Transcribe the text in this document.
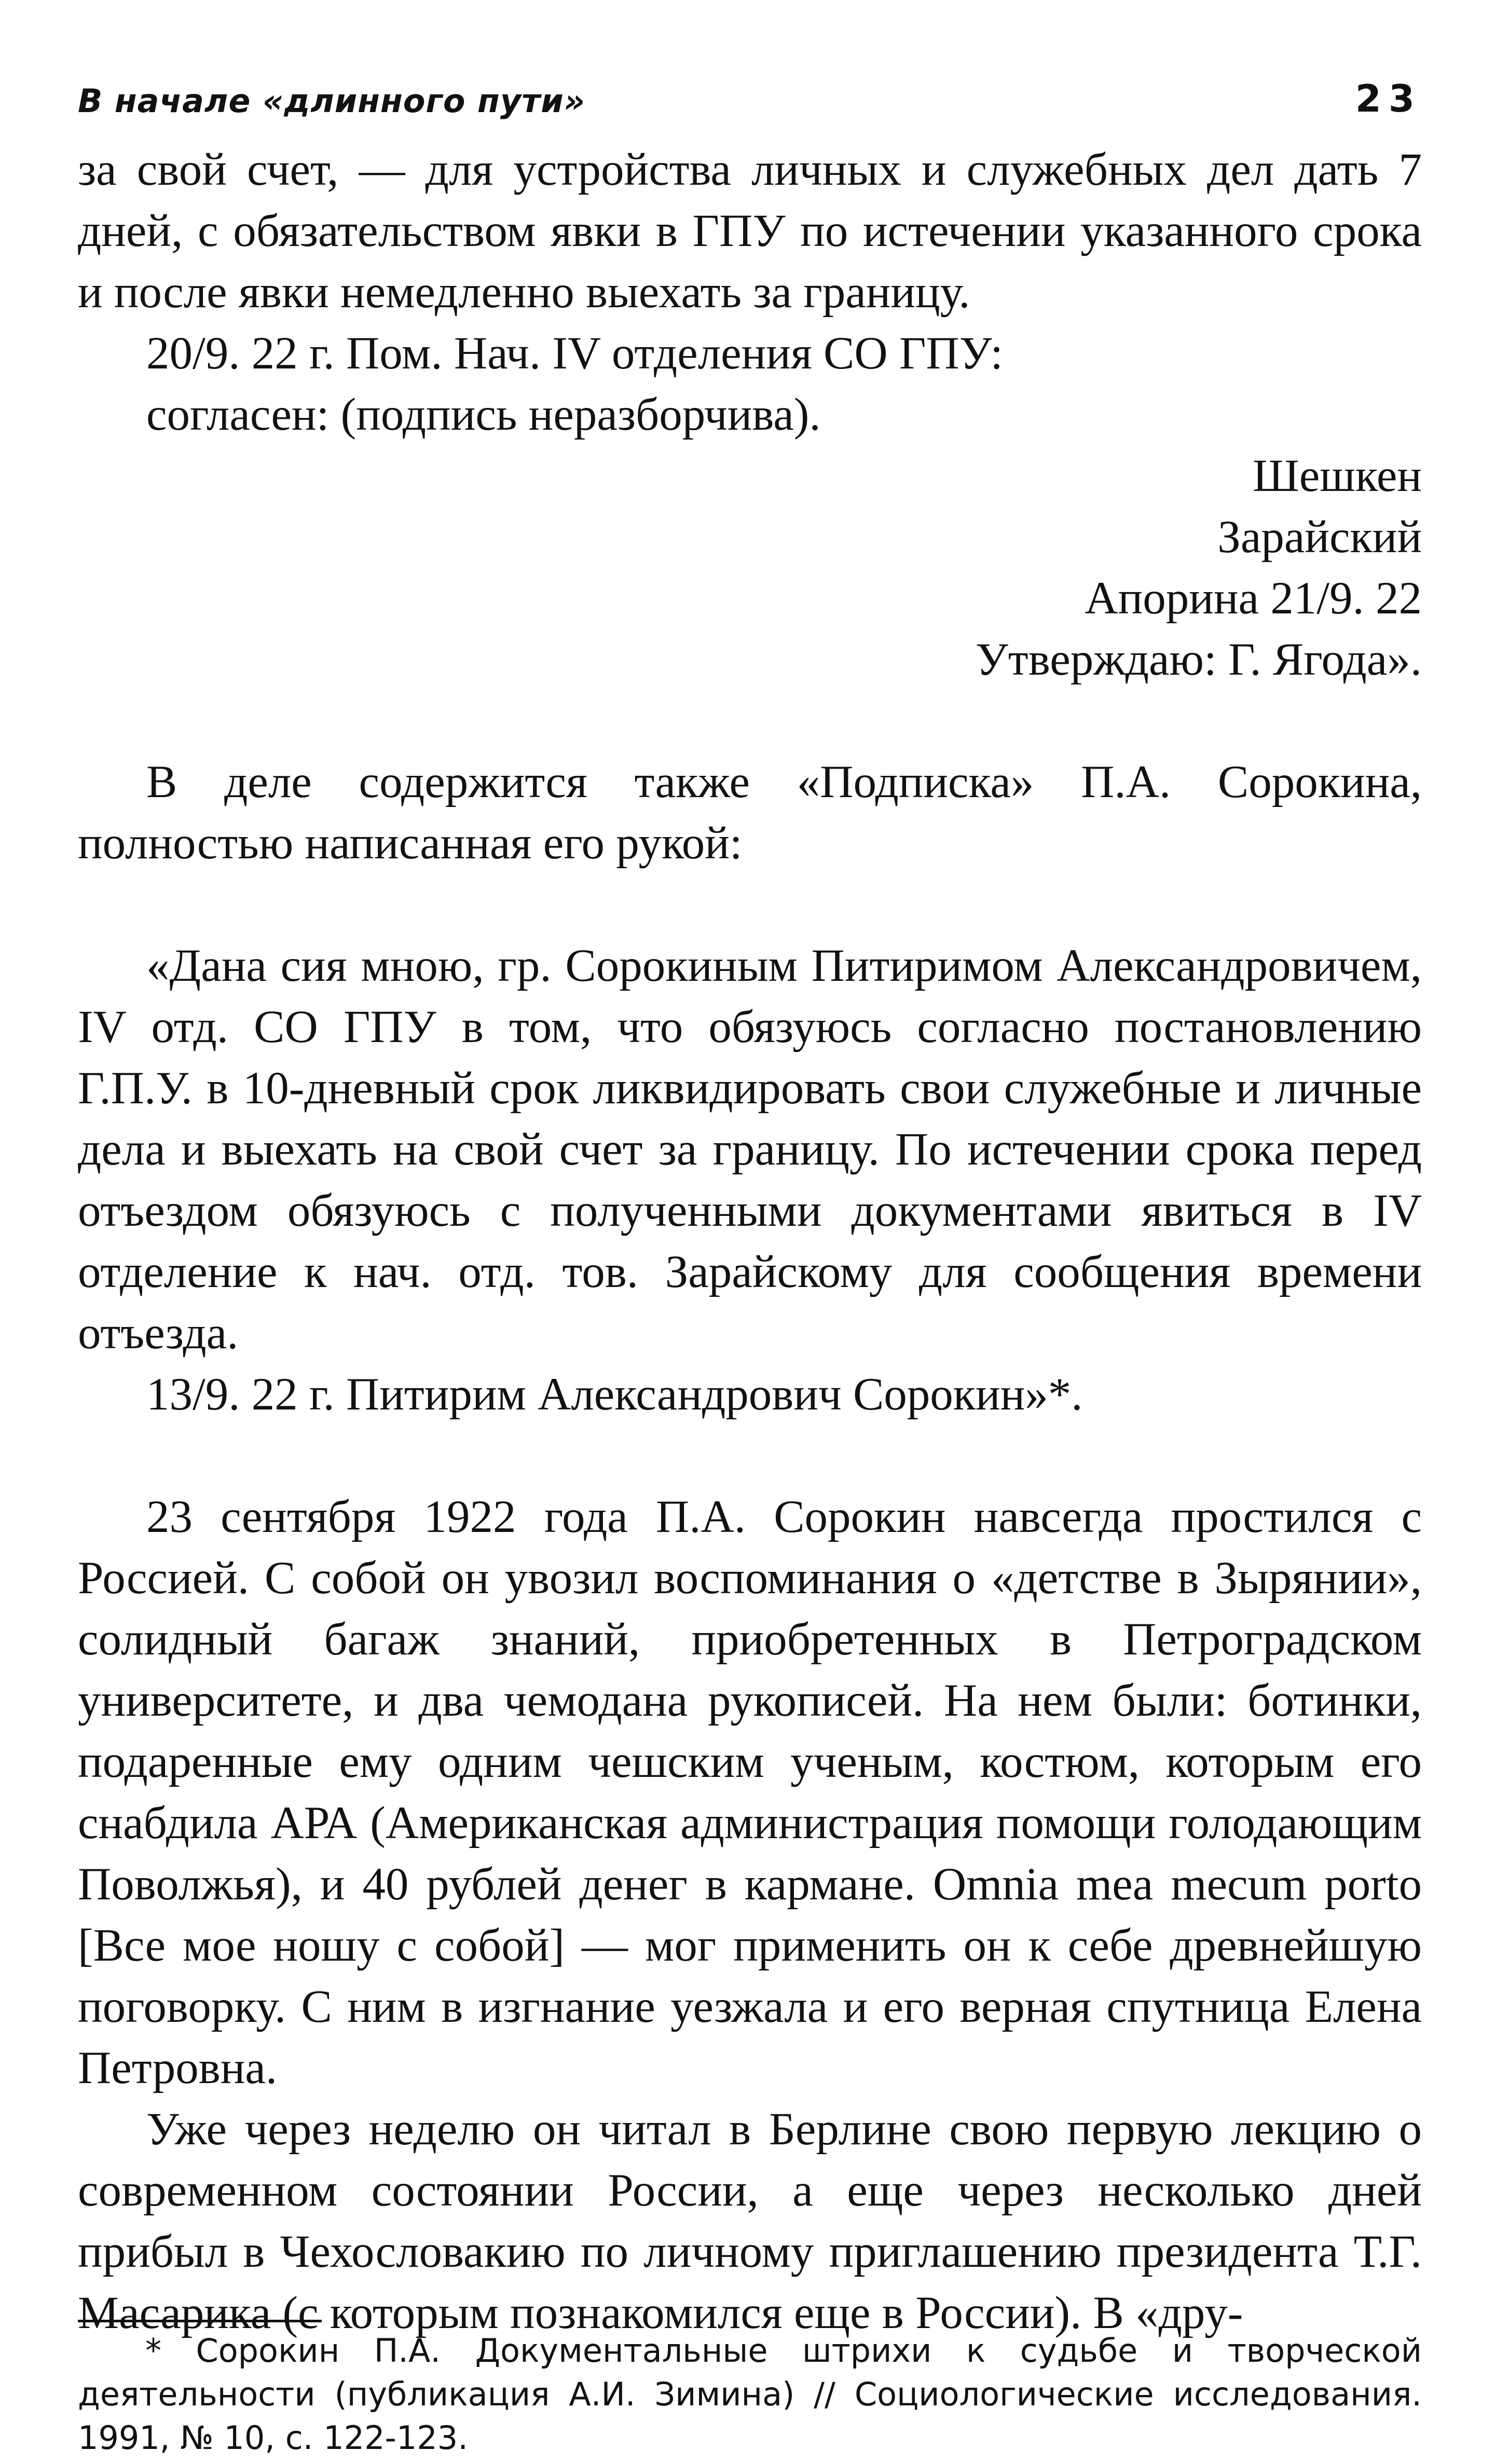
В начале «длинного пути»	23

за свой счет, — для устройства личных и служебных дел дать 7 дней, с обязательством явки в ГПУ по истечении указанного срока и после явки немедленно выехать за границу.

20/9. 22 г. Пом. Нач. IV отделения СО ГПУ:

согласен: (подпись неразборчива).

Шешкен
Зарайский
Апорина 21/9. 22
Утверждаю: Г. Ягода».

В деле содержится также «Подписка» П.А. Сорокина, полностью написанная его рукой:

«Дана сия мною, гр. Сорокиным Питиримом Александровичем, IV отд. СО ГПУ в том, что обязуюсь согласно постановлению Г.П.У. в 10-дневный срок ликвидировать свои служебные и личные дела и выехать на свой счет за границу. По истечении срока перед отъездом обязуюсь с полученными документами явиться в IV отделение к нач. отд. тов. Зарайскому для сообщения времени отъезда.

13/9. 22 г. Питирим Александрович Сорокин»*.

23 сентября 1922 года П.А. Сорокин навсегда простился с Россией. С собой он увозил воспоминания о «детстве в Зырянии», солидный багаж знаний, приобретенных в Петроградском университете, и два чемодана рукописей. На нем были: ботинки, подаренные ему одним чешским ученым, костюм, которым его снабдила АРА (Американская администрация помощи голодающим Поволжья), и 40 рублей денег в кармане. Omnia mea mecum porto [Все мое ношу с собой] — мог применить он к себе древнейшую поговорку. С ним в изгнание уезжала и его верная спутница Елена Петровна.

Уже через неделю он читал в Берлине свою первую лекцию о современном состоянии России, а еще через несколько дней прибыл в Чехословакию по личному приглашению президента Т.Г. Масарика (с которым познакомился еще в России). В «дру-

* Сорокин П.А. Документальные штрихи к судьбе и творческой деятельности (публикация А.И. Зимина) // Социологические исследования. 1991, № 10, с. 122-123.
